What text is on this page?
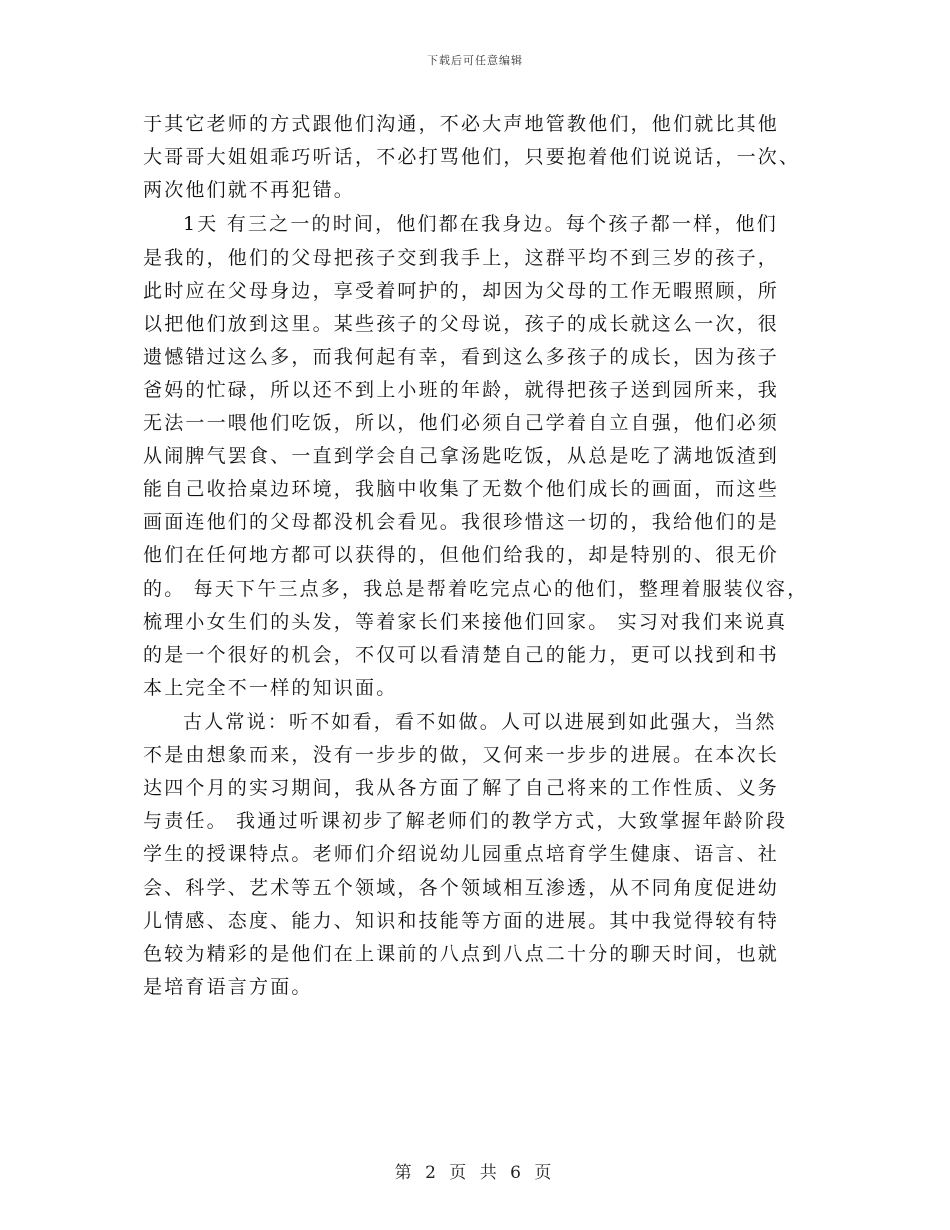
下载后可任意编辑
于其它老师的方式跟他们沟通，不必大声地管教他们，他们就比其他
大哥哥大姐姐乖巧听话，不必打骂他们，只要抱着他们说说话，一次、
两次他们就不再犯错。
1天 有三之一的时间，他们都在我身边。每个孩子都一样，他们
是我的，他们的父母把孩子交到我手上，这群平均不到三岁的孩子，
此时应在父母身边，享受着呵护的，却因为父母的工作无暇照顾，所
以把他们放到这里。某些孩子的父母说，孩子的成长就这么一次，很
遗憾错过这么多，而我何起有幸，看到这么多孩子的成长，因为孩子
爸妈的忙碌，所以还不到上小班的年龄，就得把孩子送到园所来，我
无法一一喂他们吃饭，所以，他们必须自己学着自立自强，他们必须
从闹脾气罢食、一直到学会自己拿汤匙吃饭，从总是吃了满地饭渣到
能自己收拾桌边环境，我脑中收集了无数个他们成长的画面，而这些
画面连他们的父母都没机会看见。我很珍惜这一切的，我给他们的是
他们在任何地方都可以获得的，但他们给我的，却是特别的、很无价
的。 每天下午三点多，我总是帮着吃完点心的他们，整理着服装仪容，
梳理小女生们的头发，等着家长们来接他们回家。 实习对我们来说真
的是一个很好的机会，不仅可以看清楚自己的能力，更可以找到和书
本上完全不一样的知识面。
古人常说：听不如看，看不如做。人可以进展到如此强大，当然
不是由想象而来，没有一步步的做，又何来一步步的进展。在本次长
达四个月的实习期间，我从各方面了解了自己将来的工作性质、义务
与责任。 我通过听课初步了解老师们的教学方式，大致掌握年龄阶段
学生的授课特点。老师们介绍说幼儿园重点培育学生健康、语言、社
会、科学、艺术等五个领域，各个领域相互渗透，从不同角度促进幼
儿情感、态度、能力、知识和技能等方面的进展。其中我觉得较有特
色较为精彩的是他们在上课前的八点到八点二十分的聊天时间，也就
是培育语言方面。
第 2 页 共 6 页
